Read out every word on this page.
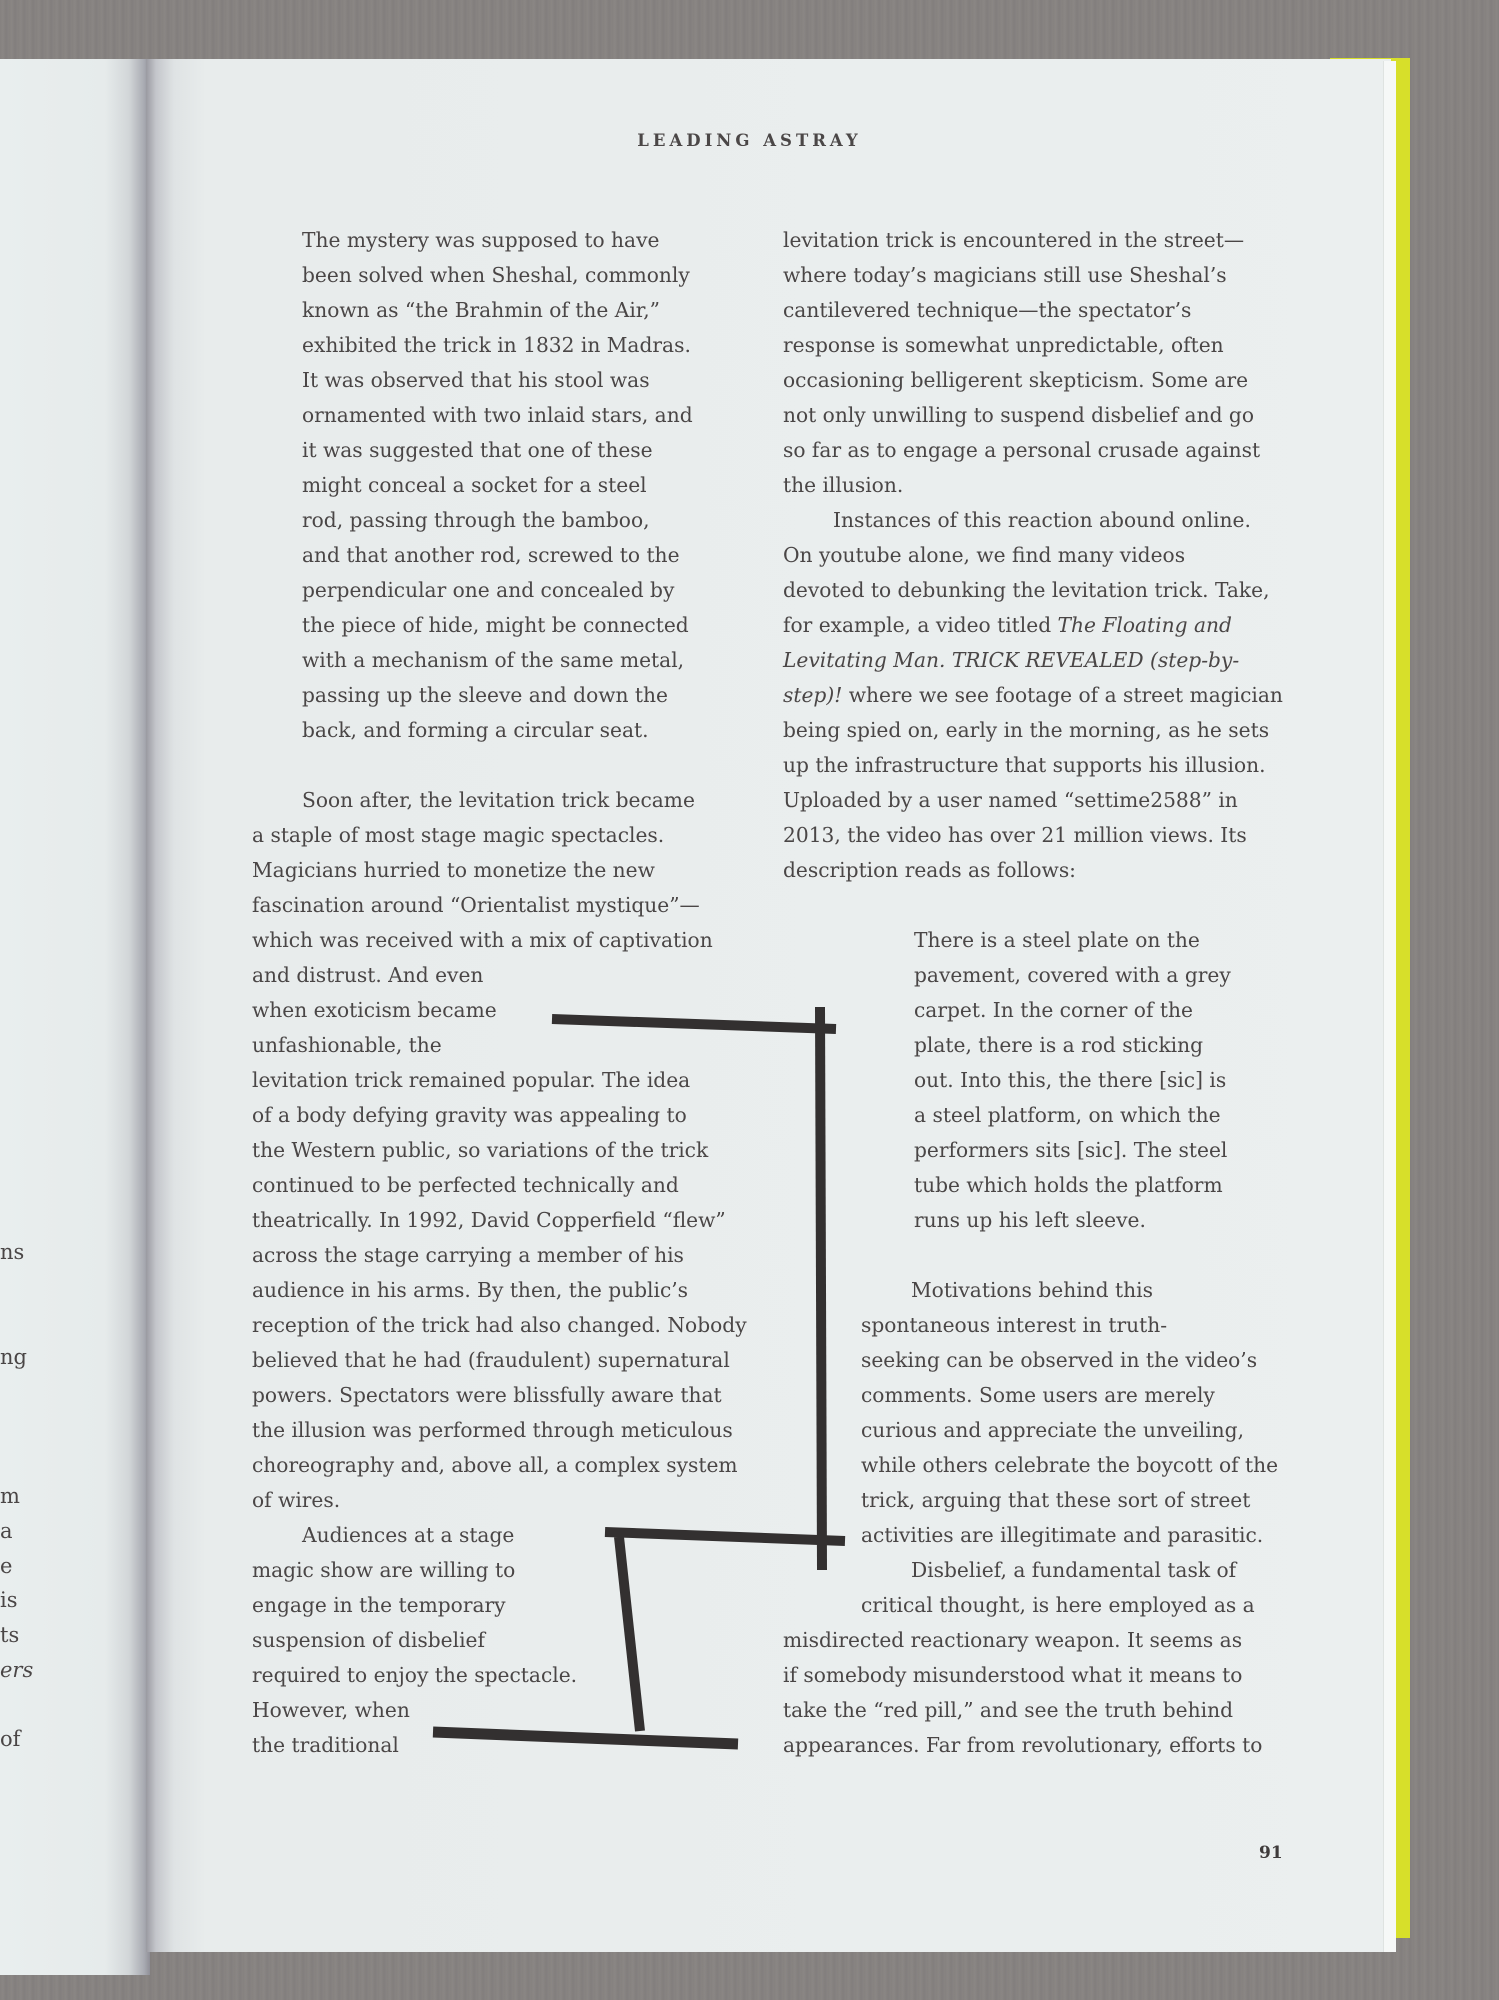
ns
ng
m
a
e
is
ts
ers
of
LEADING ASTRAY
The mystery was supposed to have
been solved when Sheshal, commonly
known as “the Brahmin of the Air,”
exhibited the trick in 1832 in Madras.
It was observed that his stool was
ornamented with two inlaid stars, and
it was suggested that one of these
might conceal a socket for a steel
rod, passing through the bamboo,
and that another rod, screwed to the
perpendicular one and concealed by
the piece of hide, might be connected
with a mechanism of the same metal,
passing up the sleeve and down the
back, and forming a circular seat.
Soon after, the levitation trick became
a staple of most stage magic spectacles.
Magicians hurried to monetize the new
fascination around “Orientalist mystique”—
which was received with a mix of captivation
and distrust. And even
when exoticism became
unfashionable, the
levitation trick remained popular. The idea
of a body defying gravity was appealing to
the Western public, so variations of the trick
continued to be perfected technically and
theatrically. In 1992, David Copperfield “flew”
across the stage carrying a member of his
audience in his arms. By then, the public’s
reception of the trick had also changed. Nobody
believed that he had (fraudulent) supernatural
powers. Spectators were blissfully aware that
the illusion was performed through meticulous
choreography and, above all, a complex system
of wires.
Audiences at a stage
magic show are willing to
engage in the temporary
suspension of disbelief
required to enjoy the spectacle.
However, when
the traditional
levitation trick is encountered in the street—
where today’s magicians still use Sheshal’s
cantilevered technique—the spectator’s
response is somewhat unpredictable, often
occasioning belligerent skepticism. Some are
not only unwilling to suspend disbelief and go
so far as to engage a personal crusade against
the illusion.
Instances of this reaction abound online.
On youtube alone, we find many videos
devoted to debunking the levitation trick. Take,
for example, a video titled The Floating and
Levitating Man. TRICK REVEALED (step-by-
step)! where we see footage of a street magician
being spied on, early in the morning, as he sets
up the infrastructure that supports his illusion.
Uploaded by a user named “settime2588” in
2013, the video has over 21 million views. Its
description reads as follows:
There is a steel plate on the
pavement, covered with a grey
carpet. In the corner of the
plate, there is a rod sticking
out. Into this, the there [sic] is
a steel platform, on which the
performers sits [sic]. The steel
tube which holds the platform
runs up his left sleeve.
Motivations behind this
spontaneous interest in truth-
seeking can be observed in the video’s
comments. Some users are merely
curious and appreciate the unveiling,
while others celebrate the boycott of the
trick, arguing that these sort of street
activities are illegitimate and parasitic.
Disbelief, a fundamental task of
critical thought, is here employed as a
misdirected reactionary weapon. It seems as
if somebody misunderstood what it means to
take the “red pill,” and see the truth behind
appearances. Far from revolutionary, efforts to
91
